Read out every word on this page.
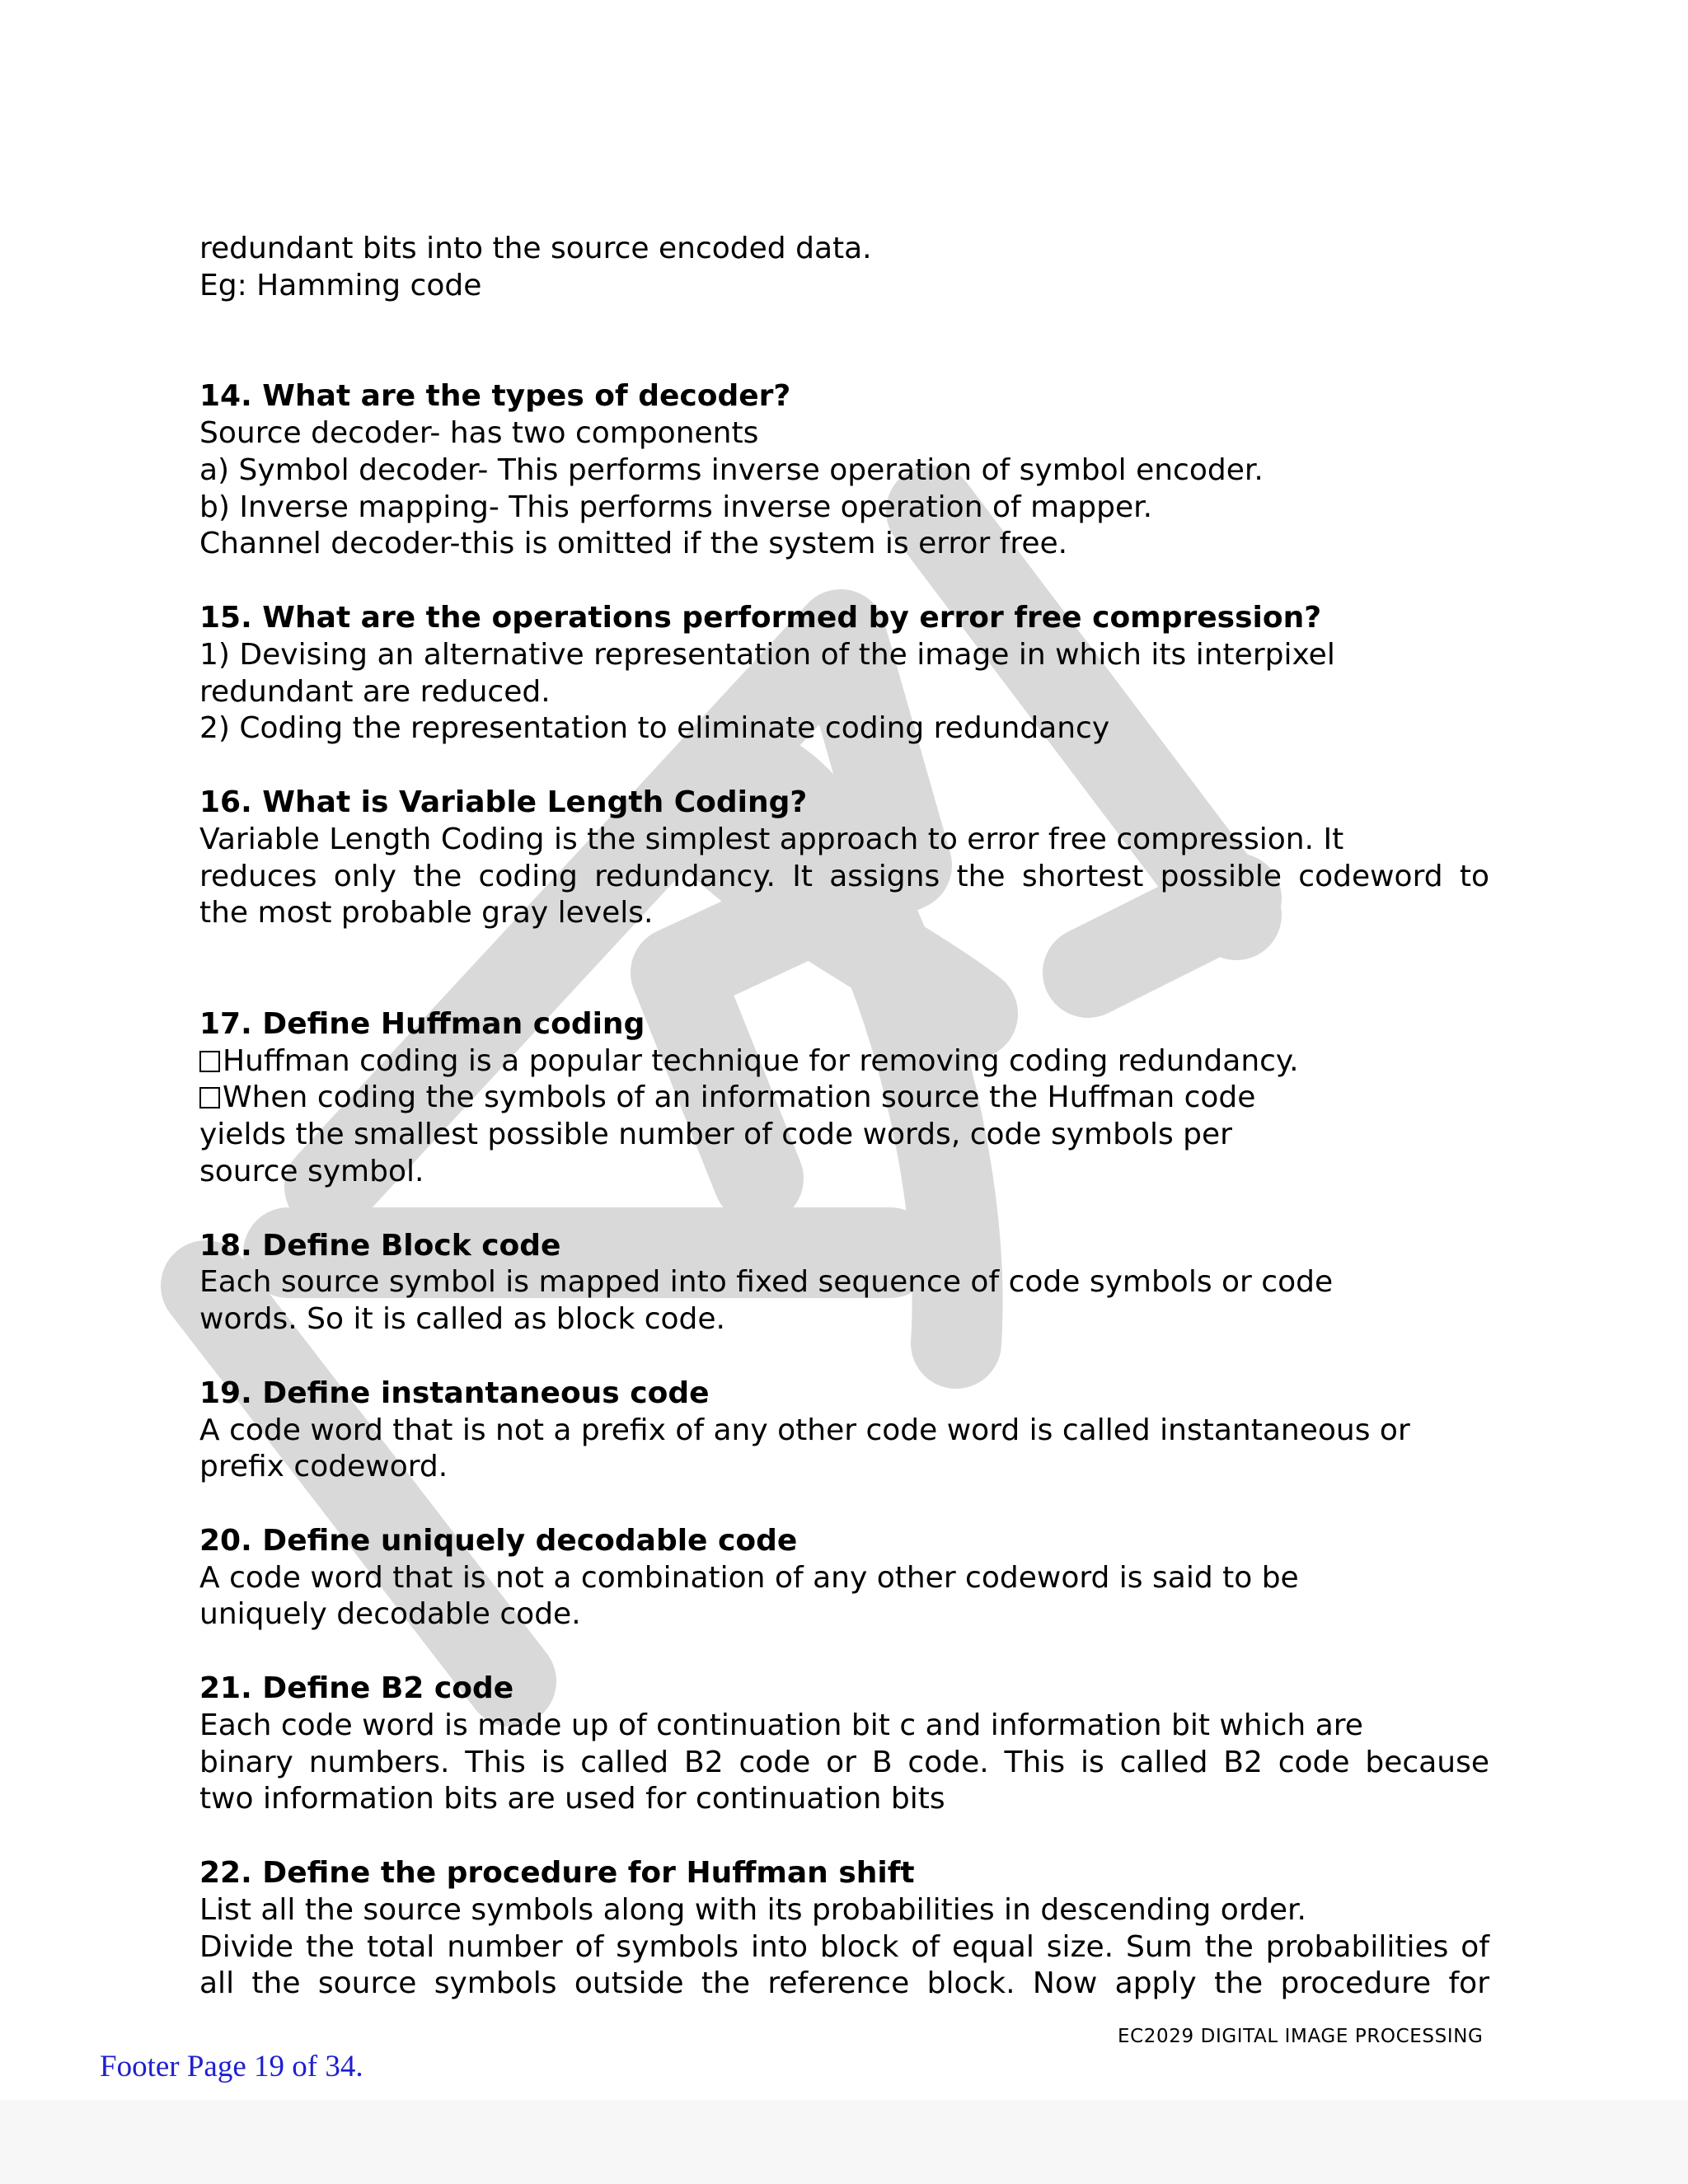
redundant bits into the source encoded data.
Eg: Hamming code
14. What are the types of decoder?
Source decoder- has two components
a) Symbol decoder- This performs inverse operation of symbol encoder.
b) Inverse mapping- This performs inverse operation of mapper.
Channel decoder-this is omitted if the system is error free.
15. What are the operations performed by error free compression?
1) Devising an alternative representation of the image in which its interpixel
redundant are reduced.
2) Coding the representation to eliminate coding redundancy
16. What is Variable Length Coding?
Variable Length Coding is the simplest approach to error free compression. It
reduces only the coding redundancy. It assigns the shortest possible codeword to
the most probable gray levels.
17. Define Huffman coding
Huffman coding is a popular technique for removing coding redundancy.
When coding the symbols of an information source the Huffman code
yields the smallest possible number of code words, code symbols per
source symbol.
18. Define Block code
Each source symbol is mapped into fixed sequence of code symbols or code
words. So it is called as block code.
19. Define instantaneous code
A code word that is not a prefix of any other code word is called instantaneous or
prefix codeword.
20. Define uniquely decodable code
A code word that is not a combination of any other codeword is said to be
uniquely decodable code.
21. Define B2 code
Each code word is made up of continuation bit c and information bit which are
binary numbers. This is called B2 code or B code. This is called B2 code because
two information bits are used for continuation bits
22. Define the procedure for Huffman shift
List all the source symbols along with its probabilities in descending order.
Divide the total number of symbols into block of equal size. Sum the probabilities of
all the source symbols outside the reference block. Now apply the procedure for
EC2029 DIGITAL IMAGE PROCESSING
Footer Page 19 of 34.
